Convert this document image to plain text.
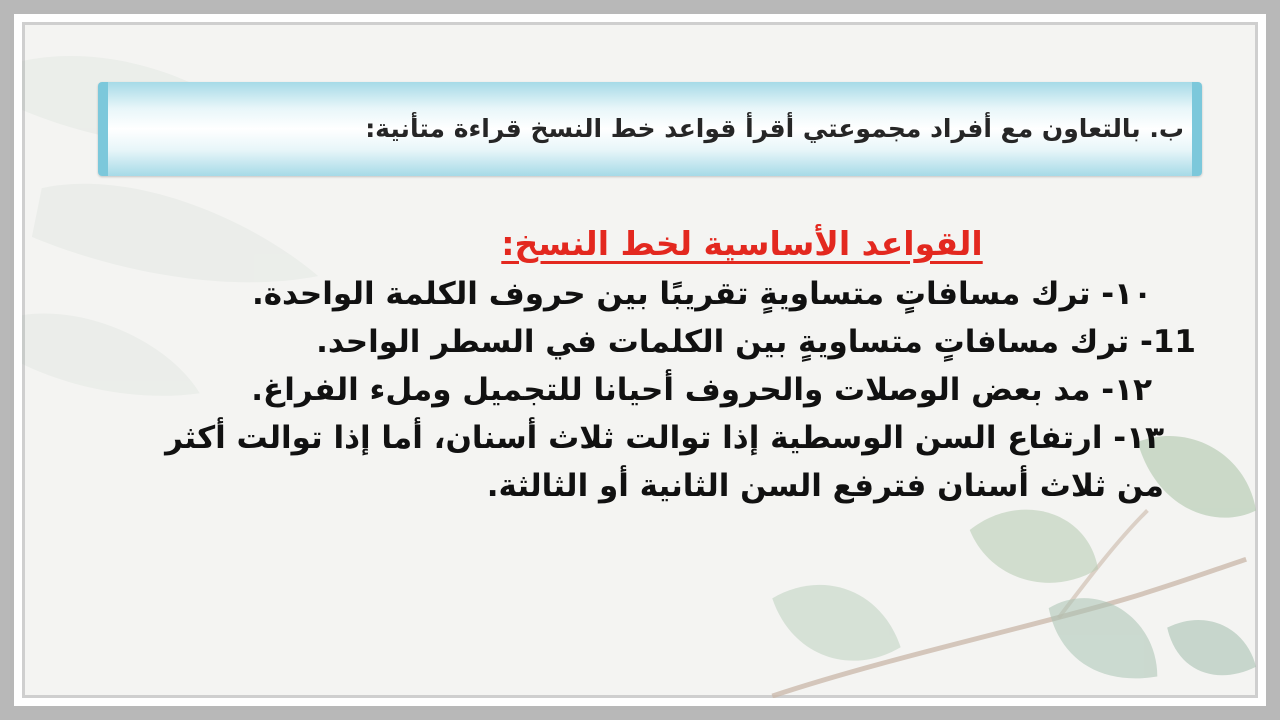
ب. بالتعاون مع أفراد مجموعتي أقرأ قواعد خط النسخ قراءة متأنية:
القواعد الأساسية لخط النسخ:

١٠- ترك مسافاتٍ متساويةٍ تقريبًا بين حروف الكلمة الواحدة.

11- ترك مسافاتٍ متساويةٍ بين الكلمات في السطر الواحد.

١٢- مد بعض الوصلات والحروف أحيانا للتجميل وملء الفراغ.

١٣- ارتفاع السن الوسطية إذا توالت ثلاث أسنان، أما إذا توالت أكثر من ثلاث أسنان فترفع السن الثانية أو الثالثة.
